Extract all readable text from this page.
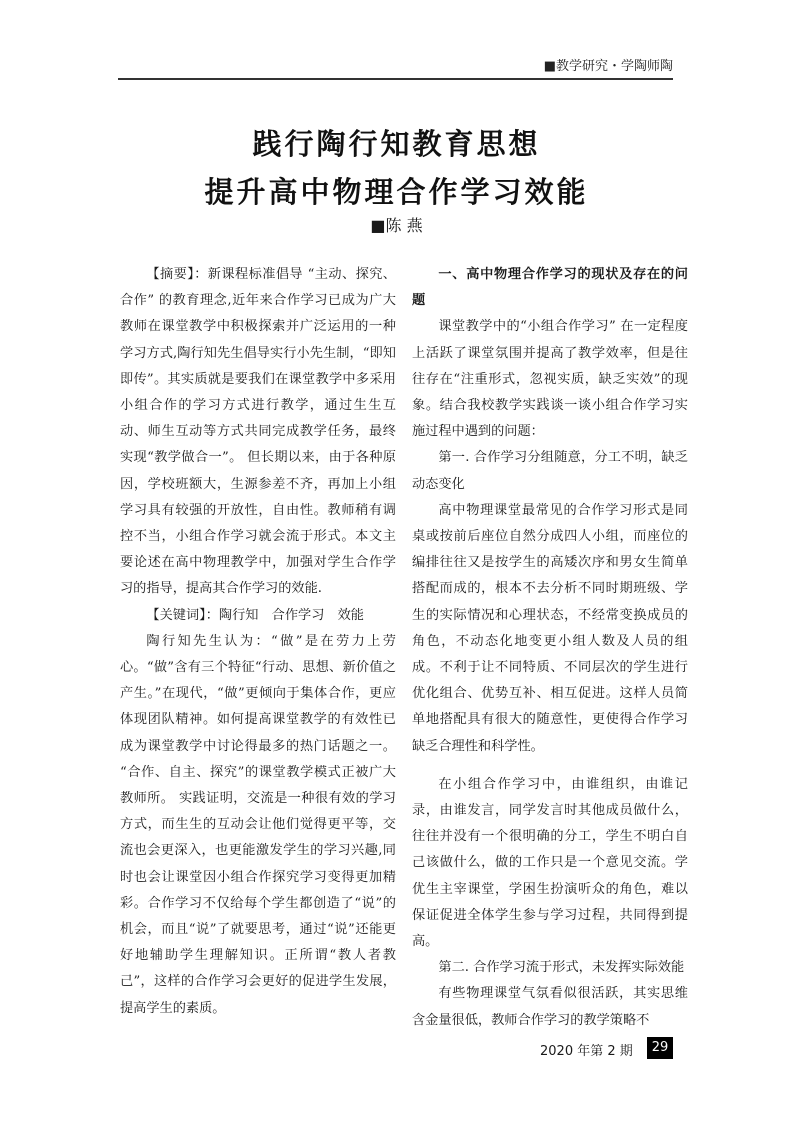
■教学研究・学陶师陶
践行陶行知教育思想
提升高中物理合作学习效能
■陈 燕

【摘要】：新课程标准倡导 “主动、探究、合作” 的教育理念,近年来合作学习已成为广大教师在课堂教学中积极探索并广泛运用的一种学习方式,陶行知先生倡导实行小先生制，“即知即传”。其实质就是要我们在课堂教学中多采用小组合作的学习方式进行教学，通过生生互动、师生互动等方式共同完成教学任务，最终实现“教学做合一”。 但长期以来，由于各种原因，学校班额大，生源参差不齐，再加上小组学习具有较强的开放性，自由性。教师稍有调控不当，小组合作学习就会流于形式。本文主要论述在高中物理教学中，加强对学生合作学习的指导，提高其合作学习的效能.

【关键词】：陶行知　合作学习　效能

陶行知先生认为：“做”是在劳力上劳心。“做”含有三个特征“行动、思想、新价值之产生。”在现代，“做”更倾向于集体合作，更应体现团队精神。如何提高课堂教学的有效性已成为课堂教学中讨论得最多的热门话题之一。 “合作、自主、探究”的课堂教学模式正被广大教师所。 实践证明，交流是一种很有效的学习方式，而生生的互动会让他们觉得更平等，交流也会更深入，也更能激发学生的学习兴趣,同时也会让课堂因小组合作探究学习变得更加精彩。合作学习不仅给每个学生都创造了“说”的机会，而且“说”了就要思考，通过“说”还能更好地辅助学生理解知识。正所谓“教人者教己”，这样的合作学习会更好的促进学生发展，提高学生的素质。

一、高中物理合作学习的现状及存在的问题

课堂教学中的“小组合作学习” 在一定程度上活跃了课堂氛围并提高了教学效率，但是往往存在“注重形式，忽视实质，缺乏实效”的现象。结合我校教学实践谈一谈小组合作学习实施过程中遇到的问题：

第一. 合作学习分组随意，分工不明，缺乏动态变化

高中物理课堂最常见的合作学习形式是同桌或按前后座位自然分成四人小组，而座位的编排往往又是按学生的高矮次序和男女生简单搭配而成的，根本不去分析不同时期班级、学生的实际情况和心理状态，不经常变换成员的角色，不动态化地变更小组人数及人员的组成。不利于让不同特质、不同层次的学生进行优化组合、优势互补、相互促进。这样人员简单地搭配具有很大的随意性，更使得合作学习缺乏合理性和科学性。

在小组合作学习中，由谁组织，由谁记录，由谁发言，同学发言时其他成员做什么，往往并没有一个很明确的分工，学生不明白自己该做什么，做的工作只是一个意见交流。学优生主宰课堂，学困生扮演听众的角色，难以保证促进全体学生参与学习过程，共同得到提高。

第二. 合作学习流于形式，未发挥实际效能

有些物理课堂气氛看似很活跃，其实思维含金量很低，教师合作学习的教学策略不

2020 年第 2 期	29
